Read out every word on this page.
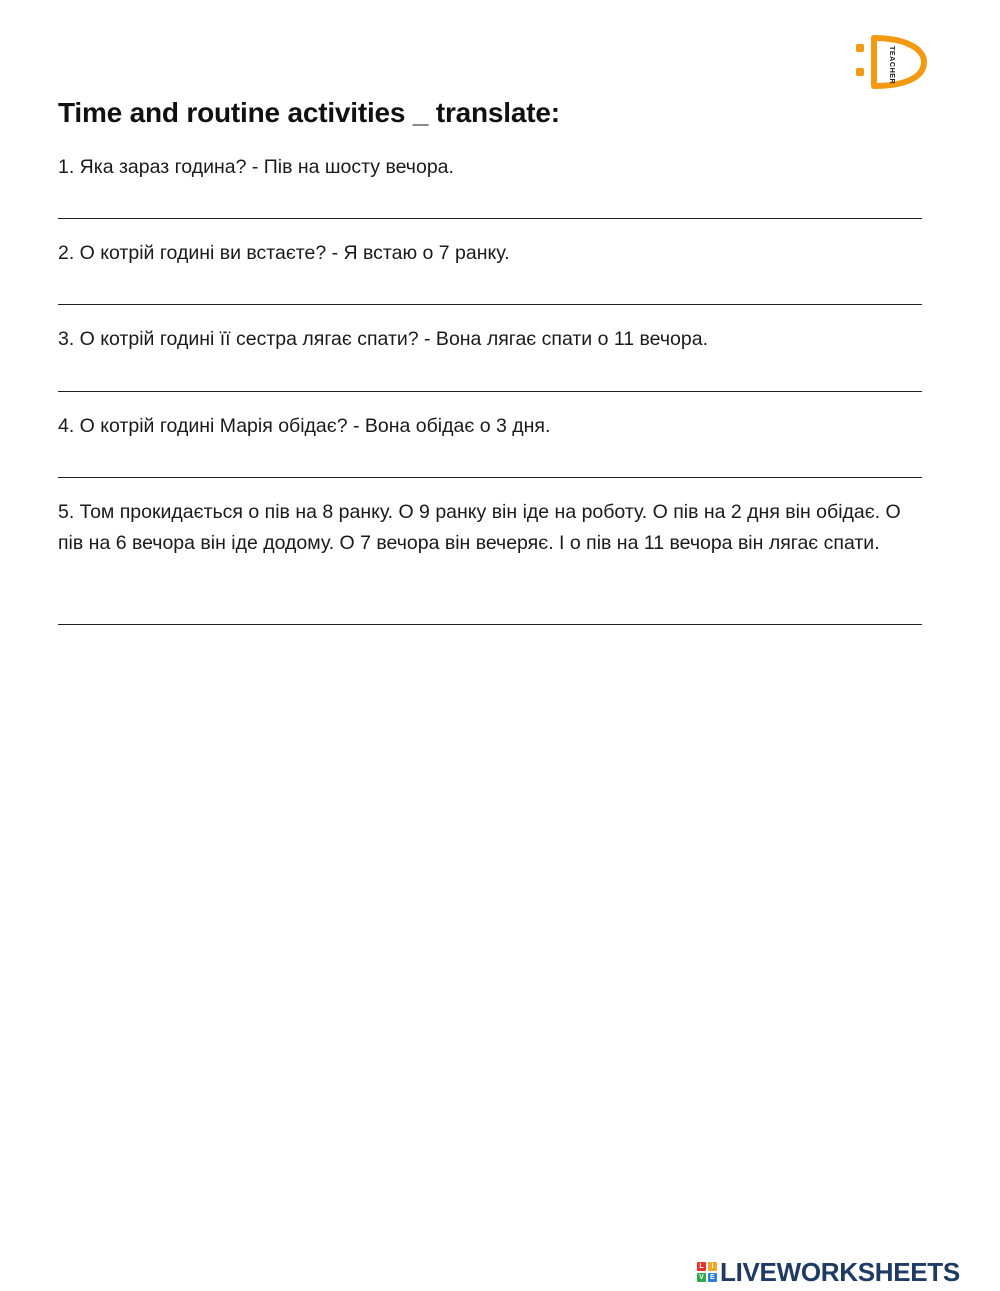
TEACHER
Time and routine activities _ translate:
1. Яка зараз година? - Пів на шосту вечора.
2. О котрій годині ви встаєте? - Я встаю о 7 ранку.
3. О котрій годині її сестра лягає спати? - Вона лягає спати о 11 вечора.
4. О котрій годині Марія обідає? - Вона обідає о 3 дня.
5. Том прокидається о пів на 8 ранку. О 9 ранку він іде на роботу. О пів на 2 дня він обідає. О пів на 6 вечора він іде додому. О 7 вечора він вечеряє. І о пів на 11 вечора він лягає спати.
L	I
V E LIVEWORKSHEETS
